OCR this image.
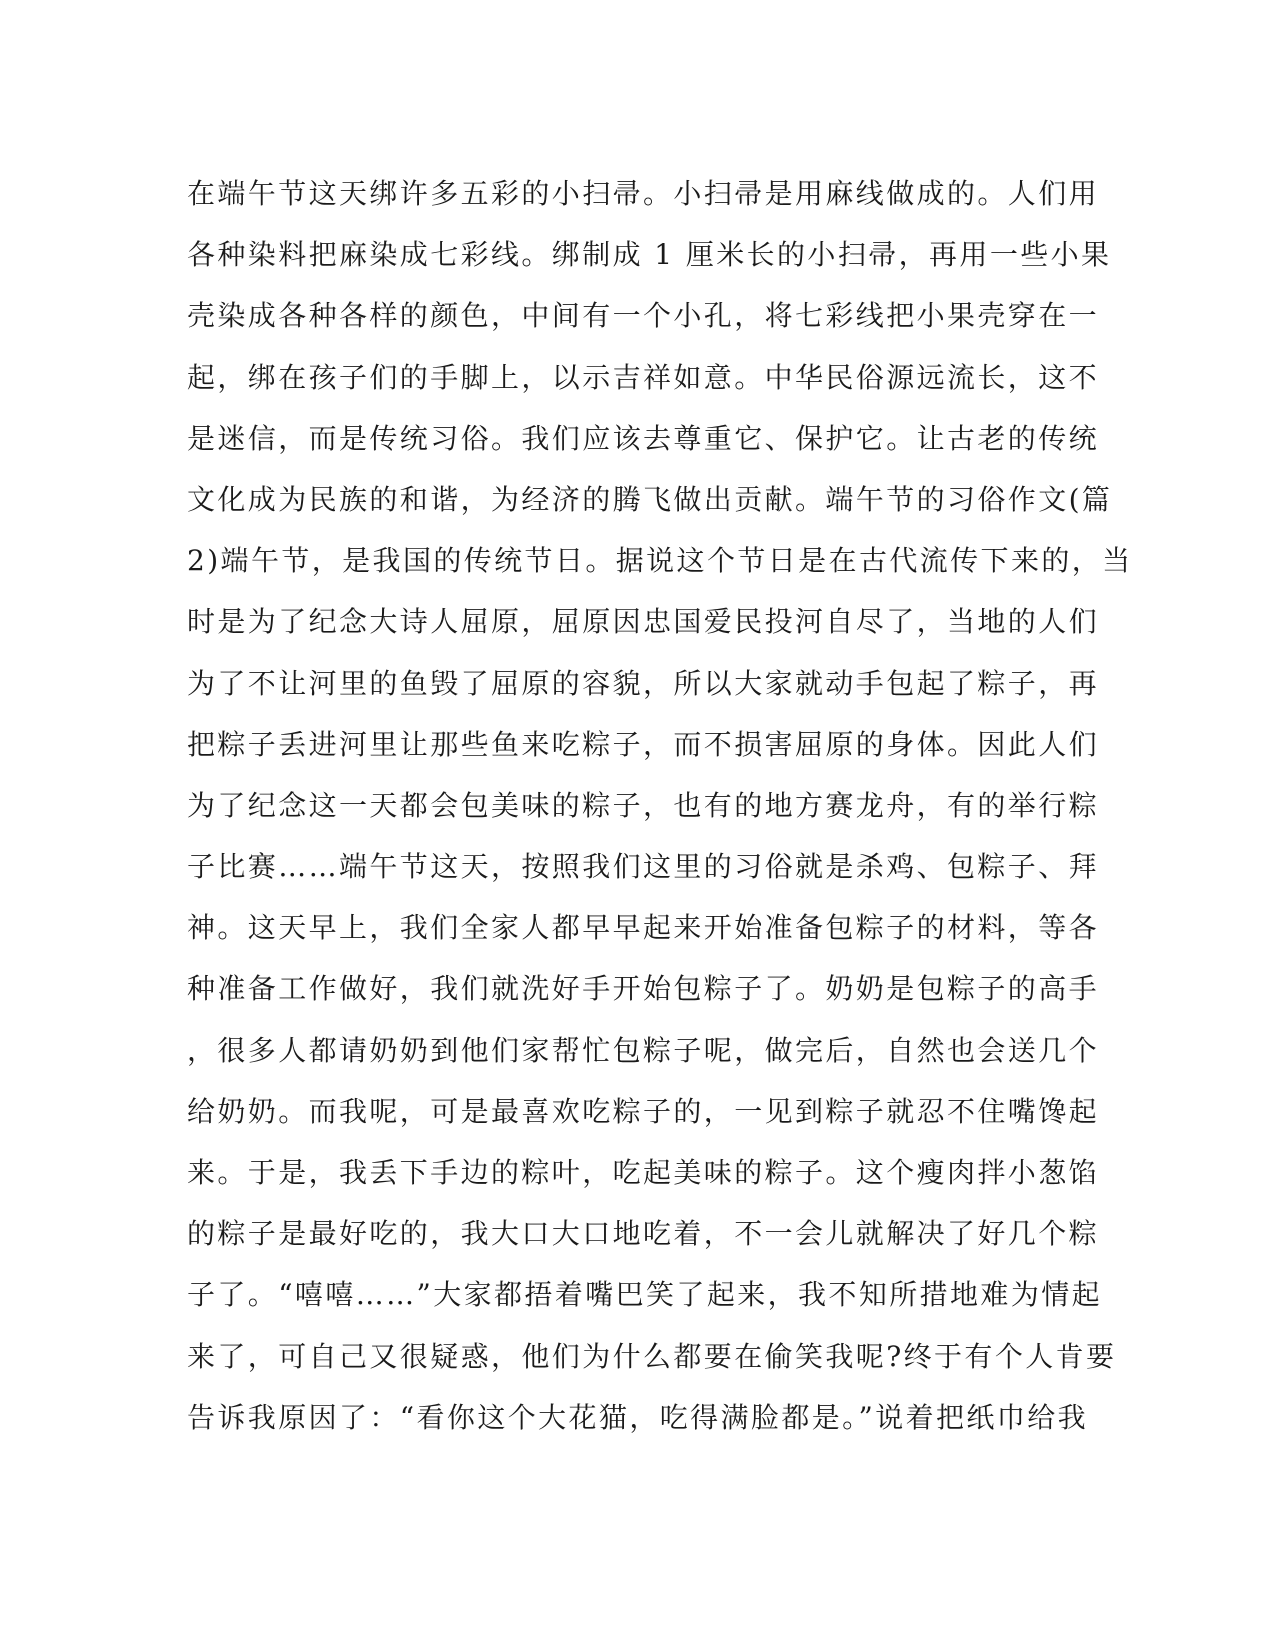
在端午节这天绑许多五彩的小扫帚。小扫帚是用麻线做成的。人们用
各种染料把麻染成七彩线。绑制成 1 厘米长的小扫帚，再用一些小果
壳染成各种各样的颜色，中间有一个小孔，将七彩线把小果壳穿在一
起，绑在孩子们的手脚上，以示吉祥如意。中华民俗源远流长，这不
是迷信，而是传统习俗。我们应该去尊重它、保护它。让古老的传统
文化成为民族的和谐，为经济的腾飞做出贡献。端午节的习俗作文(篇
2)端午节，是我国的传统节日。据说这个节日是在古代流传下来的，当
时是为了纪念大诗人屈原，屈原因忠国爱民投河自尽了，当地的人们
为了不让河里的鱼毁了屈原的容貌，所以大家就动手包起了粽子，再
把粽子丢进河里让那些鱼来吃粽子，而不损害屈原的身体。因此人们
为了纪念这一天都会包美味的粽子，也有的地方赛龙舟，有的举行粽
子比赛……端午节这天，按照我们这里的习俗就是杀鸡、包粽子、拜
神。这天早上，我们全家人都早早起来开始准备包粽子的材料，等各
种准备工作做好，我们就洗好手开始包粽子了。奶奶是包粽子的高手
，很多人都请奶奶到他们家帮忙包粽子呢，做完后，自然也会送几个
给奶奶。而我呢，可是最喜欢吃粽子的，一见到粽子就忍不住嘴馋起
来。于是，我丢下手边的粽叶，吃起美味的粽子。这个瘦肉拌小葱馅
的粽子是最好吃的，我大口大口地吃着，不一会儿就解决了好几个粽
子了。“嘻嘻……”大家都捂着嘴巴笑了起来，我不知所措地难为情起
来了，可自己又很疑惑，他们为什么都要在偷笑我呢?终于有个人肯要
告诉我原因了：“看你这个大花猫，吃得满脸都是。”说着把纸巾给我
